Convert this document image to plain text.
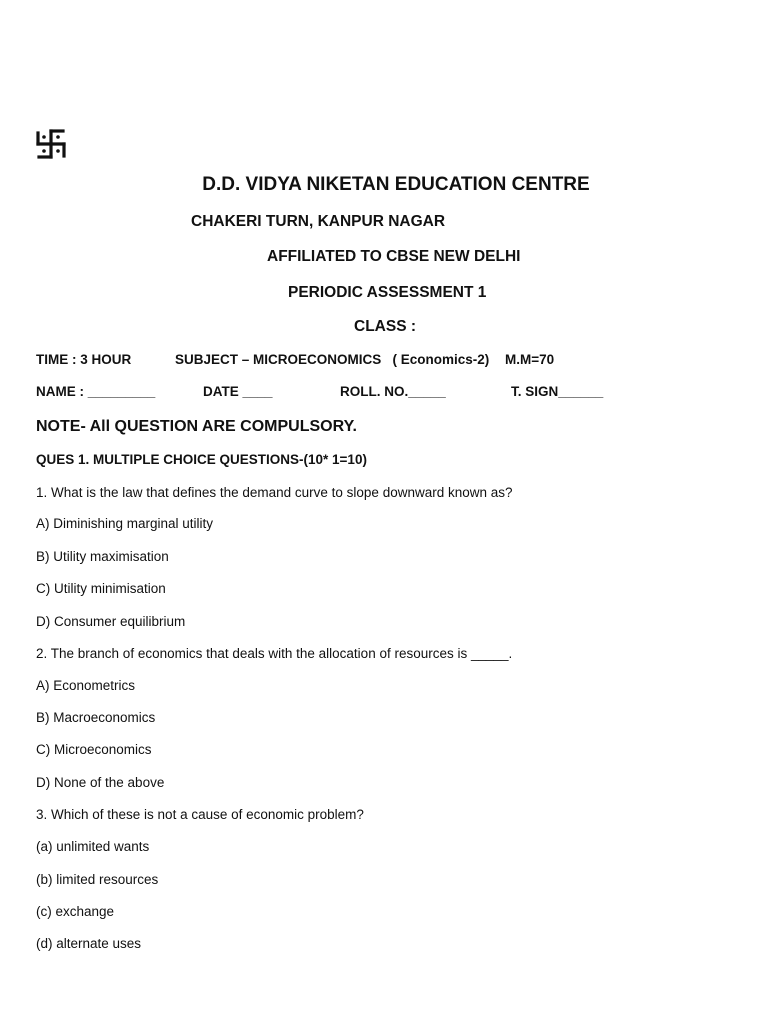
D.D. VIDYA NIKETAN EDUCATION CENTRE
CHAKERI TURN, KANPUR NAGAR
AFFILIATED TO CBSE NEW DELHI
PERIODIC ASSESSMENT 1
CLASS :
TIME : 3 HOUR	SUBJECT – MICROECONOMICS   ( Economics-2) M.M=70
NAME : _________	DATE ____	ROLL. NO._____	T. SIGN______
NOTE- All QUESTION ARE COMPULSORY.
QUES 1. MULTIPLE CHOICE QUESTIONS-(10* 1=10)
1. What is the law that defines the demand curve to slope downward known as?
A) Diminishing marginal utility
B) Utility maximisation
C) Utility minimisation
D) Consumer equilibrium
2. The branch of economics that deals with the allocation of resources is _____.
A) Econometrics
B) Macroeconomics
C) Microeconomics
D) None of the above
3. Which of these is not a cause of economic problem?
(a) unlimited wants
(b) limited resources
(c) exchange
(d) alternate uses
